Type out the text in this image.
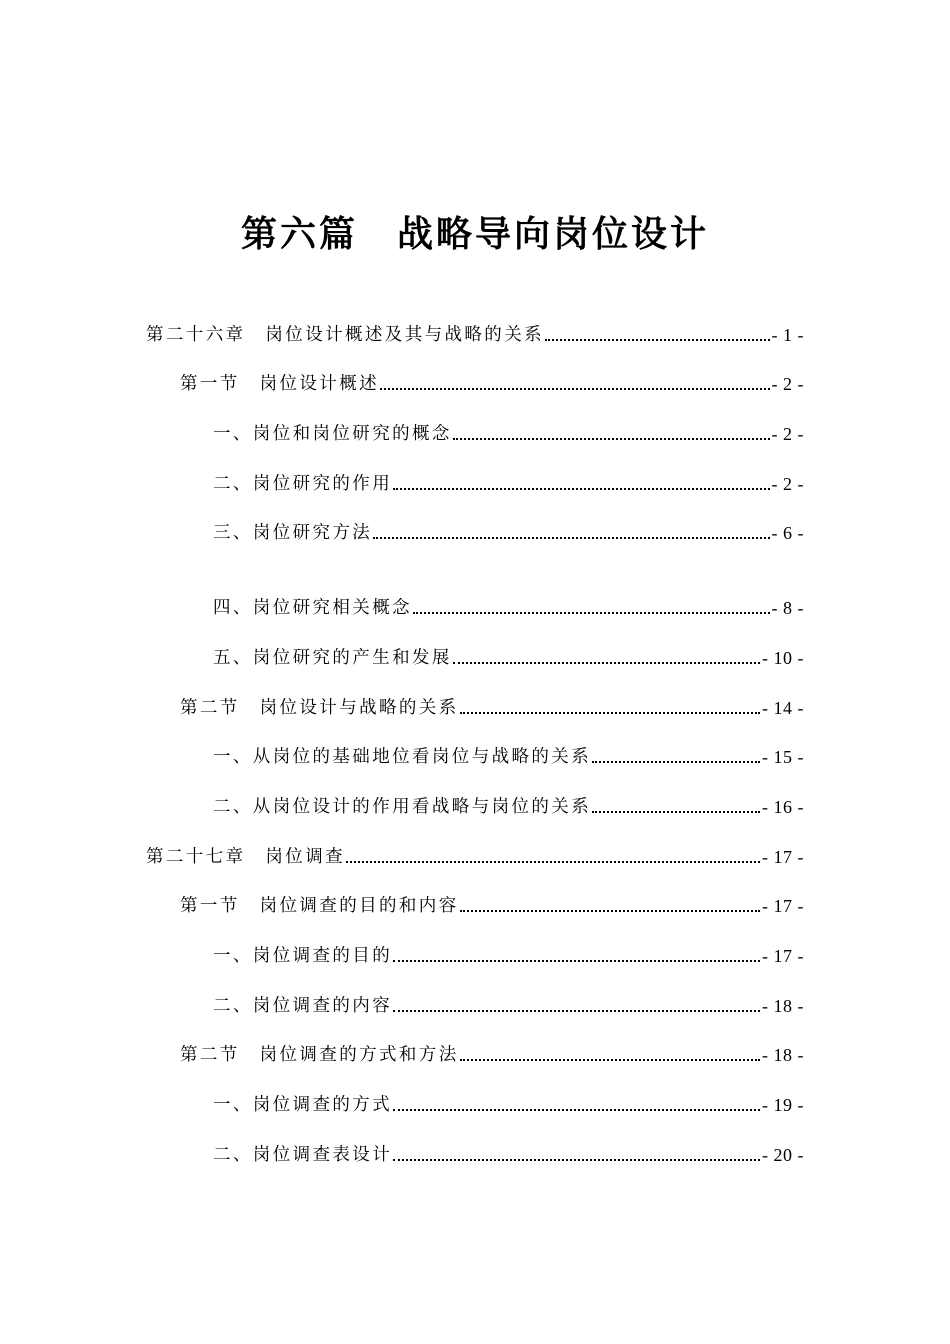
第六篇　战略导向岗位设计
第二十六章　岗位设计概述及其与战略的关系	- 1 -
第一节　岗位设计概述	- 2 -
一、岗位和岗位研究的概念	- 2 -
二、岗位研究的作用	- 2 -
三、岗位研究方法	- 6 -
四、岗位研究相关概念	- 8 -
五、岗位研究的产生和发展	- 10 -
第二节　岗位设计与战略的关系	- 14 -
一、从岗位的基础地位看岗位与战略的关系	- 15 -
二、从岗位设计的作用看战略与岗位的关系	- 16 -
第二十七章　岗位调查	- 17 -
第一节　岗位调查的目的和内容	- 17 -
一、岗位调查的目的	- 17 -
二、岗位调查的内容	- 18 -
第二节　岗位调查的方式和方法	- 18 -
一、岗位调查的方式	- 19 -
二、岗位调查表设计	- 20 -
